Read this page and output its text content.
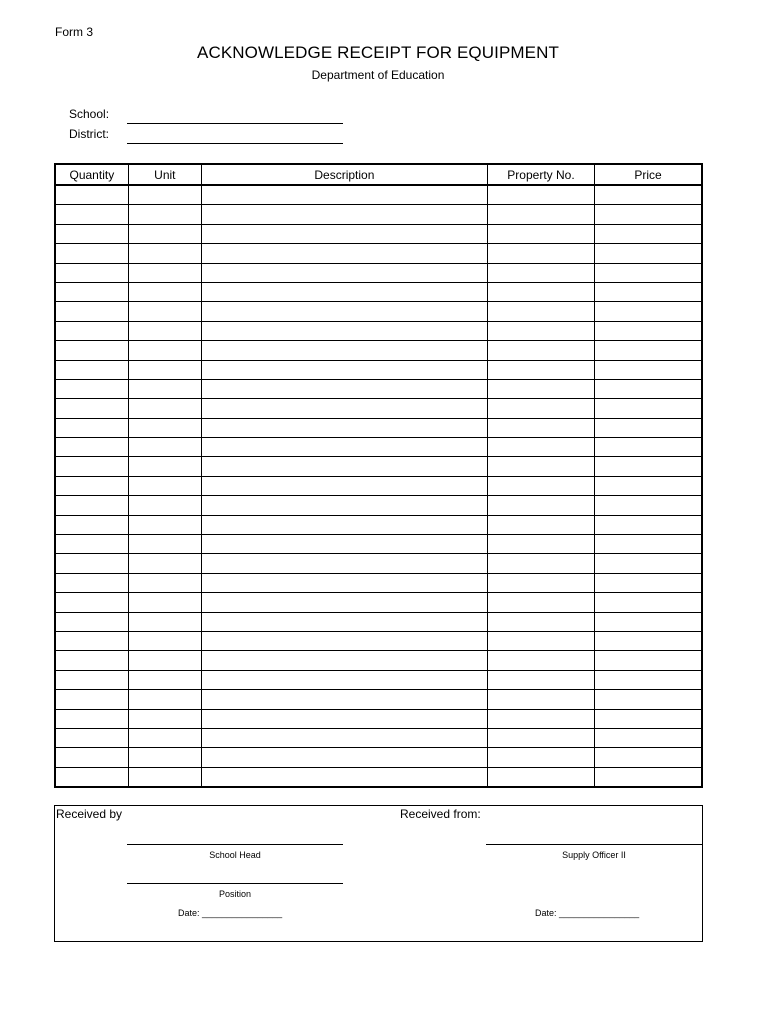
Form 3
ACKNOWLEDGE RECEIPT FOR EQUIPMENT
Department of Education
School:
District:
Quantity	Unit	Description	Property No.	Price

Received by	Received from:
School Head
Position
Supply Officer II
Date: ________________	Date: ________________
